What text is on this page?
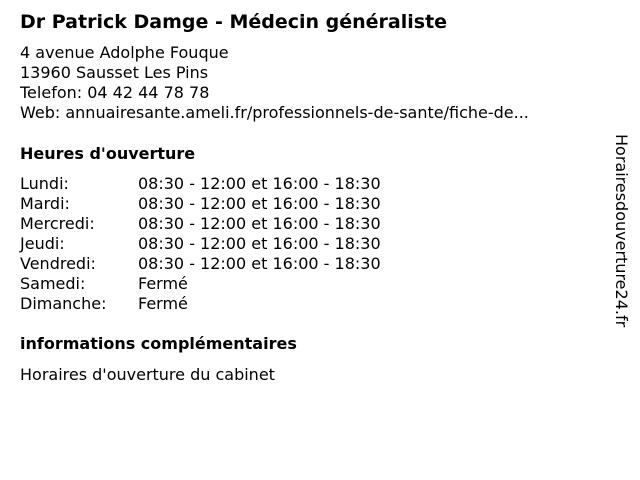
Dr Patrick Damge - Médecin généraliste
4 avenue Adolphe Fouque
13960 Sausset Les Pins
Telefon: 04 42 44 78 78
Web: annuairesante.ameli.fr/professionnels-de-sante/fiche-de...
Heures d'ouverture
Lundi:	08:30 - 12:00 et 16:00 - 18:30
Mardi:	08:30 - 12:00 et 16:00 - 18:30
Mercredi:	08:30 - 12:00 et 16:00 - 18:30
Jeudi:	08:30 - 12:00 et 16:00 - 18:30
Vendredi:	08:30 - 12:00 et 16:00 - 18:30
Samedi:	Fermé
Dimanche:	Fermé
informations complémentaires
Horaires d'ouverture du cabinet
Horairesdouverture24.fr
